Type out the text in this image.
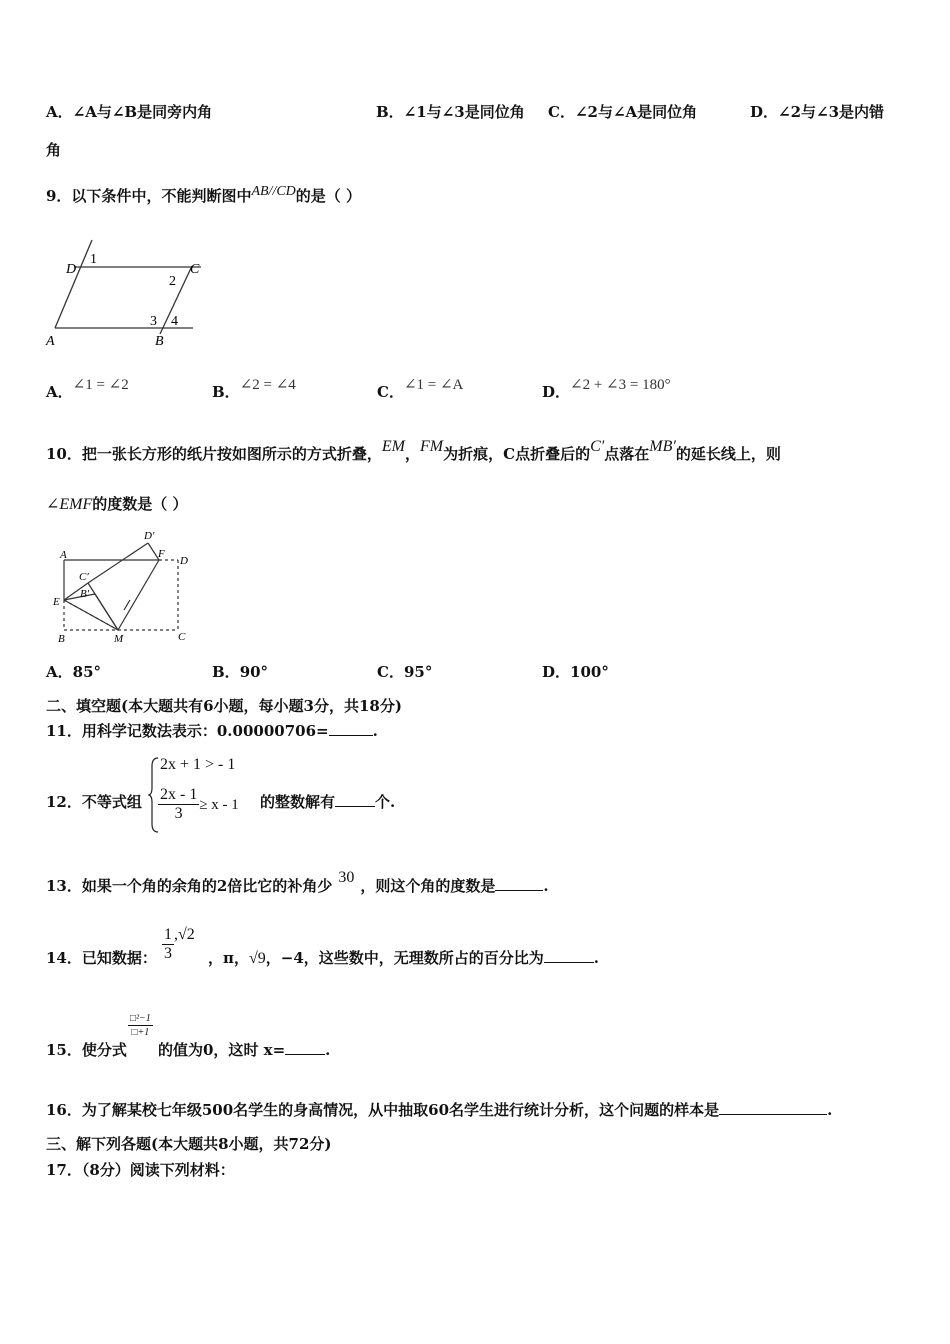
A．∠A与∠B是同旁内角	B．∠1与∠3是同位角 C．∠2与∠A是同位角	D．∠2与∠3是内错
角
9．以下条件中，不能判断图中AB//CD的是（ ）
D
1
C
2
3 4
A	B
A．∠1 = ∠2	B．∠2 = ∠4	C．∠1 = ∠A	D．∠2 + ∠3 = 180°
10．把一张长方形的纸片按如图所示的方式折叠，EM，FM为折痕，C点折叠后的C′点落在MB′的延长线上，则
∠EMF的度数是（ ）
A
D′
F
D
C′
B′
E
B	M	C
A．85°	B．90°	C．95°	D．100°
二、填空题(本大题共有6小题，每小题3分，共18分)
11．用科学记数法表示：0.00000706=	.
12．不等式组
2x + 1 > - 1
$\frac{2x - 1}{3} \ge x - 1$ 的整数解有	个.
13．如果一个角的余角的2倍比它的补角少 30 ，则这个角的度数是	.
14．已知数据： $\frac{1}{3} ,√2$
，π，√9，−4，这些数中，无理数所占的百分比为	.
15．使分式
$\frac{\text{□²−1}}{□+1}$
的值为0，这时 x=	.
16．为了解某校七年级500名学生的身高情况，从中抽取60名学生进行统计分析，这个问题的样本是	.
三、解下列各题(本大题共8小题，共72分)
17．（8分）阅读下列材料：
